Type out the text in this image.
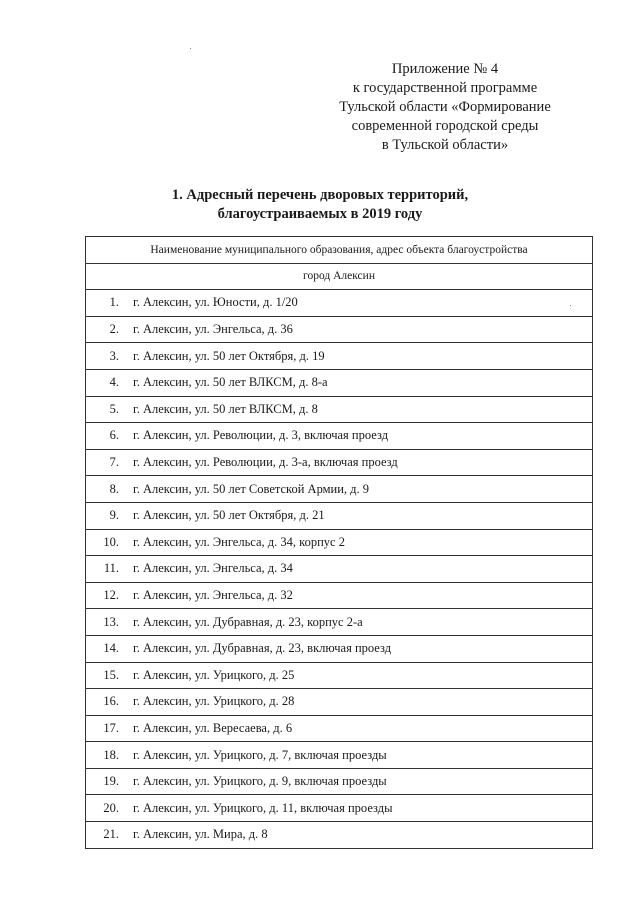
Приложение № 4
к государственной программе
Тульской области «Формирование
современной городской среды
в Тульской области»
1. Адресный перечень дворовых территорий,
благоустраиваемых в 2019 году
Наименование муниципального образования, адрес объекта благоустройства	
город Алексин	
1.	г. Алексин, ул. Юности, д. 1/20
2.	г. Алексин, ул. Энгельса, д. 36
3.	г. Алексин, ул. 50 лет Октября, д. 19
4.	г. Алексин, ул. 50 лет ВЛКСМ, д. 8-а
5.	г. Алексин, ул. 50 лет ВЛКСМ, д. 8
6.	г. Алексин, ул. Революции, д. 3, включая проезд
7.	г. Алексин, ул. Революции, д. 3-а, включая проезд
8.	г. Алексин, ул. 50 лет Советской Армии, д. 9
9.	г. Алексин, ул. 50 лет Октября, д. 21
10.	г. Алексин, ул. Энгельса, д. 34, корпус 2
11.	г. Алексин, ул. Энгельса, д. 34
12.	г. Алексин, ул. Энгельса, д. 32
13.	г. Алексин, ул. Дубравная, д. 23, корпус 2-а
14.	г. Алексин, ул. Дубравная, д. 23, включая проезд
15.	г. Алексин, ул. Урицкого, д. 25
16.	г. Алексин, ул. Урицкого, д. 28
17.	г. Алексин, ул. Вересаева, д. 6
18.	г. Алексин, ул. Урицкого, д. 7, включая проезды
19.	г. Алексин, ул. Урицкого, д. 9, включая проезды
20.	г. Алексин, ул. Урицкого, д. 11, включая проезды
21.	г. Алексин, ул. Мира, д. 8
